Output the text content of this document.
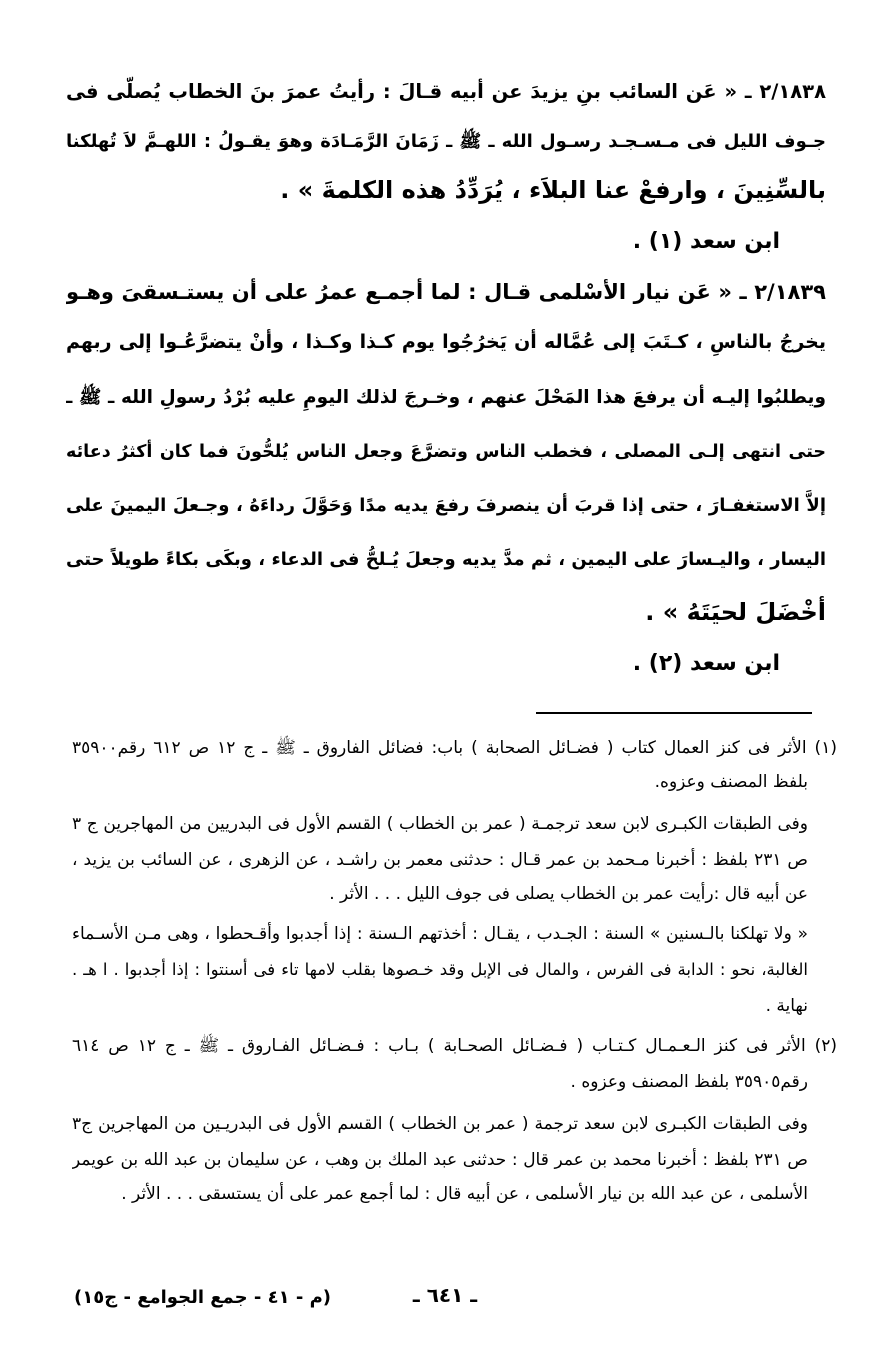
٢/١٨٣٨ ـ « عَن السائب بنِ يزيدَ عن أبيه قـالَ : رأيتُ عمرَ بنَ الخطاب يُصلّى فى
جـوف الليل فى مـسـجـد رسـول الله ـ ﷺ ـ زَمَانَ الرَّمَـادَة وهوَ يقـولُ : اللهـمَّ لاَ تُهلكنا
بالسِّنِينَ ، وارفعْ عنا البلاَء ، يُرَدِّدُ هذه الكلمةَ » .
ابن سعد (١) .
٢/١٨٣٩ ـ « عَن نيار الأسْلمى قـال : لما أجمـع عمرُ على أن يستـسقىَ وهـو
يخرجُ بالناسِ ، كـتَبَ إلى عُمَّاله أن يَخرُجُوا يوم كـذا وكـذا ، وأنْ يتضرَّعُـوا إلى ربهم
ويطلبُوا إليـه أن يرفعَ هذا المَحْلَ عنهم ، وخـرجَ لذلك اليومِ عليه بُرْدُ رسولِ الله ـ ﷺ ـ
حتى انتهى إلـى المصلى ، فخطب الناس وتضرَّعَ وجعل الناس يُلحُّونَ فما كان أكثرُ دعائه
إلاَّ الاستغفـارَ ، حتى إذا قربَ أن ينصرفَ رفعَ يديه مدًا وَحَوَّلَ رداءَهُ ، وجـعلَ اليمينَ على
اليسار ، واليـسارَ على اليمين ، ثم مدَّ يديه وجعلَ يُـلحُّ فى الدعاء ، وبكَى بكاءً طويلاً حتى
أخْضَلَ لحيَتَهُ » .
ابن سعد (٢) .
(١) الأثر فى كنز العمال كتاب ( فضـائل الصحابة ) باب: فضائل الفاروق ـ ﷺ ـ ج ١٢ ص ٦١٢ رقم٣٥٩٠٠
بلفظ المصنف وعزوه.
وفى الطبقات الكبـرى لابن سعد ترجمـة ( عمر بن الخطاب ) القسم الأول فى البدريين من المهاجرين ج ٣
ص ٢٣١ بلفظ : أخبرنا مـحمد بن عمر قـال : حدثنى معمر بن راشـد ، عن الزهرى ، عن السائب بن يزيد ،
عن أبيه قال :رأيت عمر بن الخطاب يصلى فى جوف الليل . . . الأثر .
« ولا تهلكنا بالـسنين » السنة : الجـدب ، يقـال : أخذتهم الـسنة : إذا أجدبوا وأقـحطوا ، وهى مـن الأسـماء
الغالبة، نحو : الدابة فى الفرس ، والمال فى الإبل وقد خـصوها بقلب لامها تاء فى أسنتوا : إذا أجدبوا . ا هـ .
نهاية .
(٢) الأثر فى كنز الـعـمـال كـتـاب ( فـضـائل الصحـابة ) بـاب : فـضـائل الفـاروق ـ ﷺ ـ ج ١٢ ص ٦١٤
رقم٣٥٩٠٥ بلفظ المصنف وعزوه .
وفى الطبقات الكبـرى لابن سعد ترجمة ( عمر بن الخطاب ) القسم الأول فى البدريـين من المهاجرين ج٣
ص ٢٣١ بلفظ : أخبرنا محمد بن عمر قال : حدثنى عبد الملك بن وهب ، عن سليمان بن عبد الله بن عويمر
الأسلمى ، عن عبد الله بن نيار الأسلمى ، عن أبيه قال : لما أجمع عمر على أن يستسقى . . . الأثر .
ـ ٦٤١ ـ
(م - ٤١ - جمع الجوامع - ج١٥)
